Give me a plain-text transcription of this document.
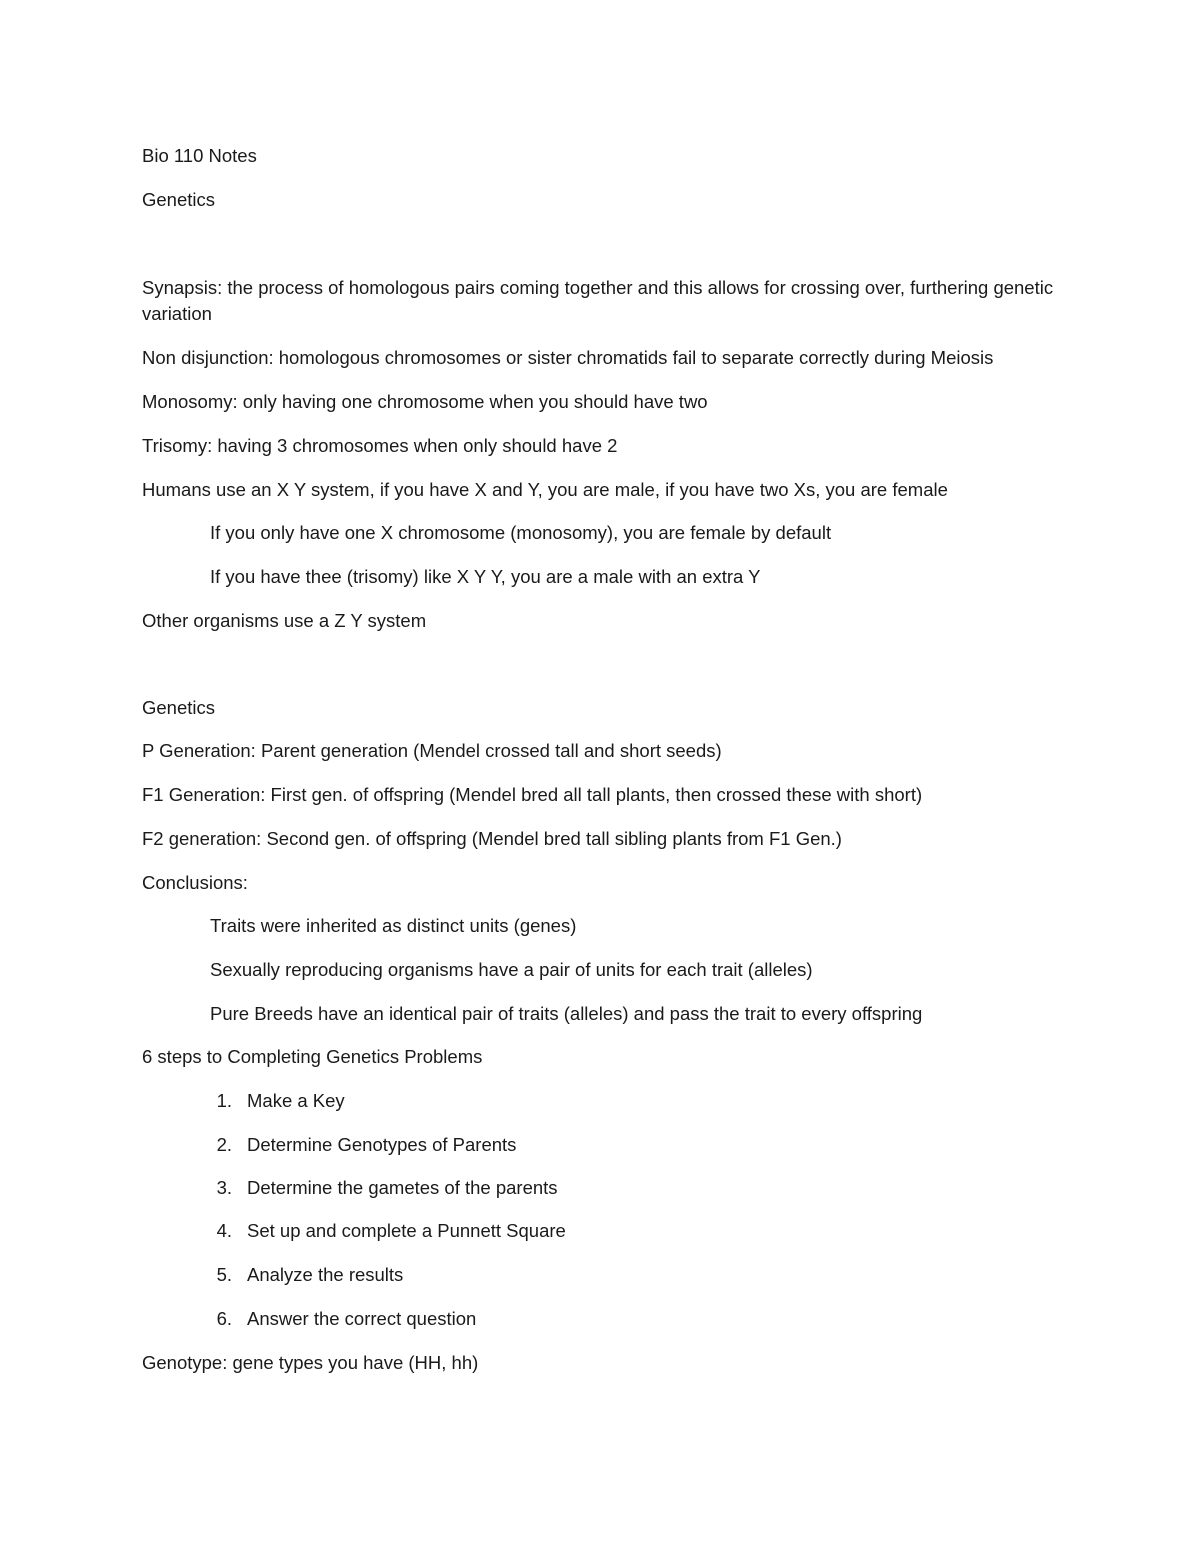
Bio 110 Notes
Genetics
Synapsis: the process of homologous pairs coming together and this allows for crossing over, furthering genetic variation
Non disjunction: homologous chromosomes or sister chromatids fail to separate correctly during Meiosis
Monosomy: only having one chromosome when you should have two
Trisomy: having 3 chromosomes when only should have 2
Humans use an X Y system, if you have X and Y, you are male, if you have two Xs, you are female
If you only have one X chromosome (monosomy), you are female by default
If you have thee (trisomy) like X Y Y, you are a male with an extra Y
Other organisms use a Z Y system
Genetics
P Generation: Parent generation (Mendel crossed tall and short seeds)
F1 Generation: First gen. of offspring (Mendel bred all tall plants, then crossed these with short)
F2 generation: Second gen. of offspring (Mendel bred tall sibling plants from F1 Gen.)
Conclusions:
Traits were inherited as distinct units (genes)
Sexually reproducing organisms have a pair of units for each trait (alleles)
Pure Breeds have an identical pair of traits (alleles) and pass the trait to every offspring
6 steps to Completing Genetics Problems
1. Make a Key
2. Determine Genotypes of Parents
3. Determine the gametes of the parents
4. Set up and complete a Punnett Square
5. Analyze the results
6. Answer the correct question
Genotype: gene types you have (HH, hh)
